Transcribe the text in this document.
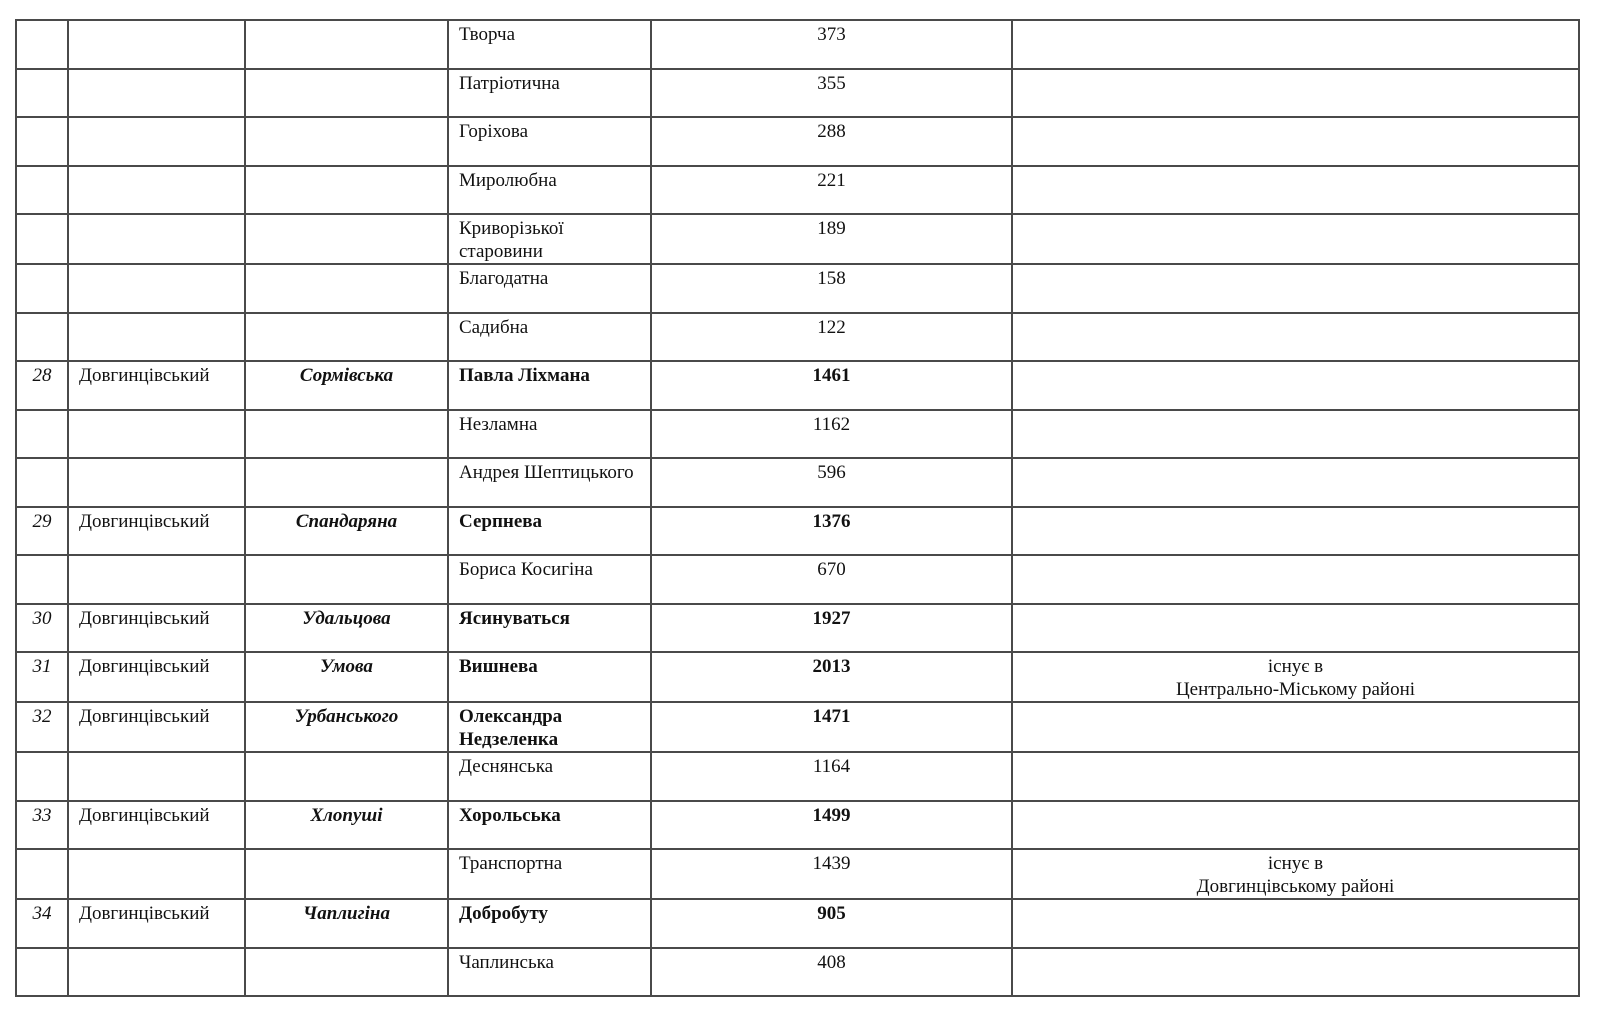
			Творча	373	
			Патріотична	355	
			Горіхова	288	
			Миролюбна	221	
			Криворізької старовини	189	
			Благодатна	158	
			Садибна	122	
28	Довгинцівський	Сормівська	Павла Ліхмана	1461	
			Незламна	1162	
			Андрея Шептицького	596	
29	Довгинцівський	Спандаряна	Серпнева	1376	
			Бориса Косигіна	670	
30	Довгинцівський	Удальцова	Ясинуваться	1927	
31	Довгинцівський	Умова	Вишнева	2013	існує в
Центрально-Міському районі

32	Довгинцівський	Урбанського	Олександра Недзеленка	1471	
			Деснянська	1164	
33	Довгинцівський	Хлопуші	Хорольська	1499	
			Транспортна	1439	існує в
Довгинцівському районі

34	Довгинцівський	Чаплигіна	Добробуту	905	
			Чаплинська	408	
